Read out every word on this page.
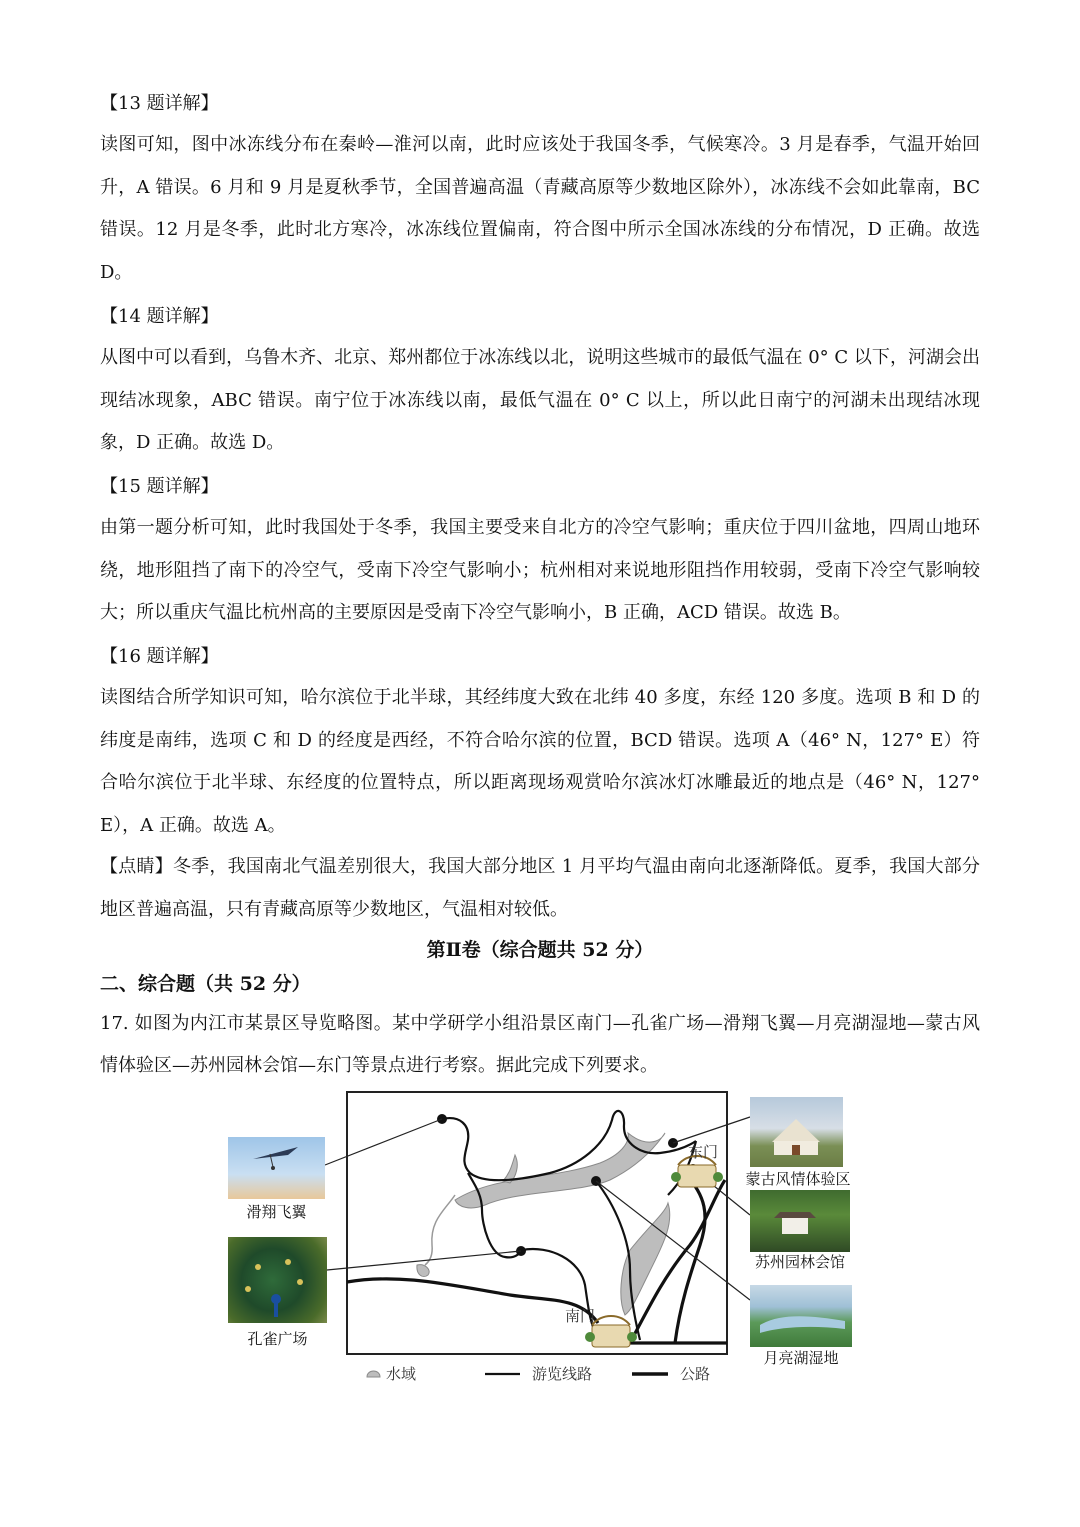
【13 题详解】
读图可知，图中冰冻线分布在秦岭—淮河以南，此时应该处于我国冬季，气候寒冷。3 月是春季，气温开始回升，A 错误。6 月和 9 月是夏秋季节，全国普遍高温（青藏高原等少数地区除外），冰冻线不会如此靠南，BC 错误。12 月是冬季，此时北方寒冷，冰冻线位置偏南，符合图中所示全国冰冻线的分布情况，D 正确。故选 D。
【14 题详解】
从图中可以看到，乌鲁木齐、北京、郑州都位于冰冻线以北，说明这些城市的最低气温在 0° C 以下，河湖会出现结冰现象，ABC 错误。南宁位于冰冻线以南，最低气温在 0° C 以上，所以此日南宁的河湖未出现结冰现象，D 正确。故选 D。
【15 题详解】
由第一题分析可知，此时我国处于冬季，我国主要受来自北方的冷空气影响；重庆位于四川盆地，四周山地环绕，地形阻挡了南下的冷空气，受南下冷空气影响小；杭州相对来说地形阻挡作用较弱，受南下冷空气影响较大；所以重庆气温比杭州高的主要原因是受南下冷空气影响小，B 正确，ACD 错误。故选 B。
【16 题详解】
读图结合所学知识可知，哈尔滨位于北半球，其经纬度大致在北纬 40 多度，东经 120 多度。选项 B 和 D 的纬度是南纬，选项 C 和 D 的经度是西经，不符合哈尔滨的位置，BCD 错误。选项 A（46° N，127° E）符合哈尔滨位于北半球、东经度的位置特点，所以距离现场观赏哈尔滨冰灯冰雕最近的地点是（46° N，127° E），A 正确。故选 A。
【点睛】冬季，我国南北气温差别很大，我国大部分地区 1 月平均气温由南向北逐渐降低。夏季，我国大部分地区普遍高温，只有青藏高原等少数地区，气温相对较低。
第Ⅱ卷（综合题共 52 分）
二、综合题（共 52 分）
17. 如图为内江市某景区导览略图。某中学研学小组沿景区南门—孔雀广场—滑翔飞翼—月亮湖湿地—蒙古风情体验区—苏州园林会馆—东门等景点进行考察。据此完成下列要求。
东门
南门
水域	游览线路	公路
滑翔飞翼
孔雀广场
蒙古风情体验区
苏州园林会馆
月亮湖湿地
